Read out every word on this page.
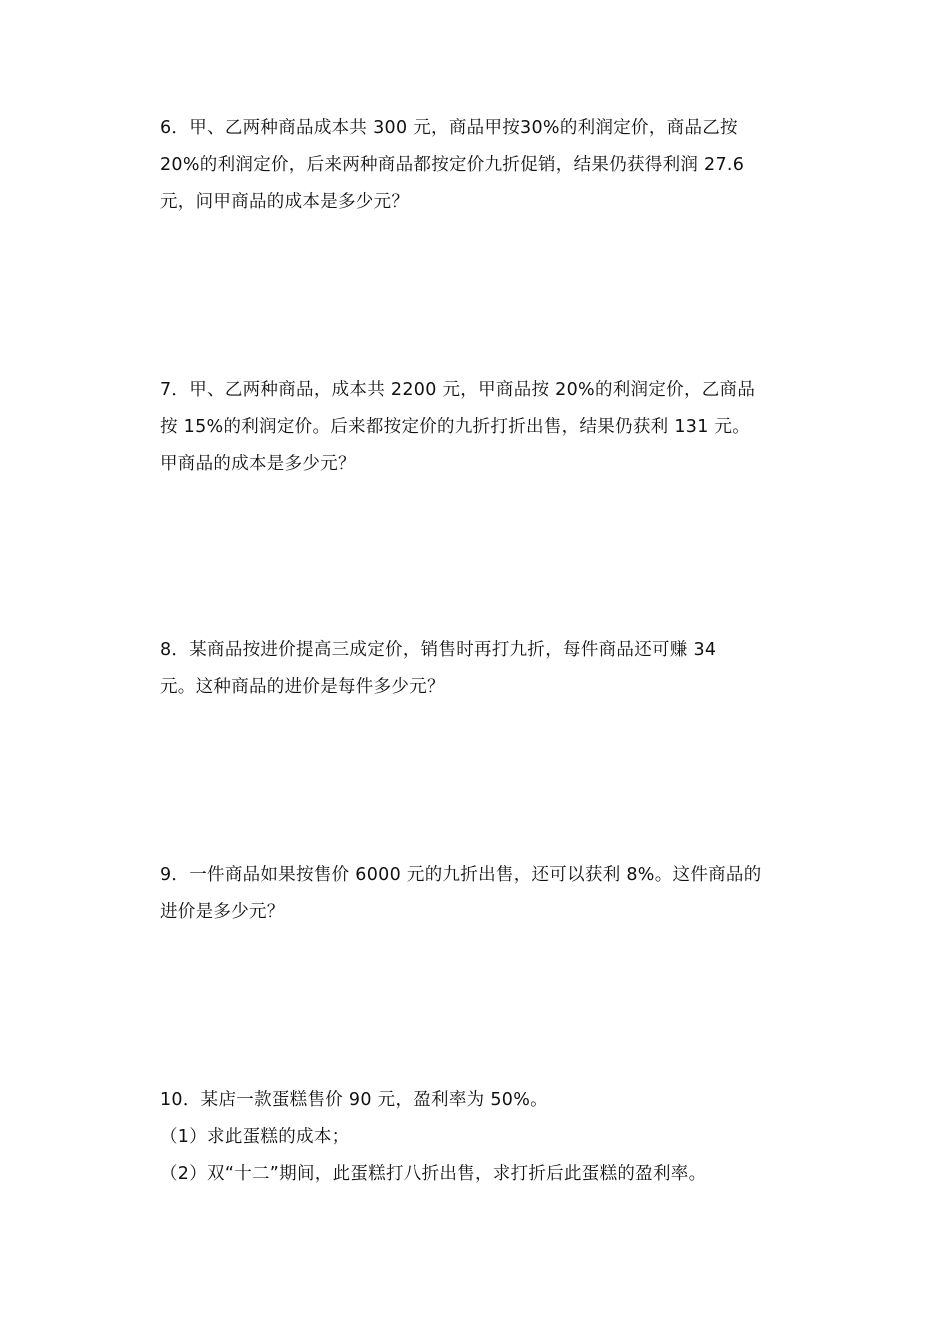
6．甲、乙两种商品成本共 300 元，商品甲按30%的利润定价，商品乙按
20%的利润定价，后来两种商品都按定价九折促销，结果仍获得利润 27.6
元，问甲商品的成本是多少元？
7．甲、乙两种商品，成本共 2200 元，甲商品按 20%的利润定价，乙商品
按 15%的利润定价。后来都按定价的九折打折出售，结果仍获利 131 元。
甲商品的成本是多少元？
8．某商品按进价提高三成定价，销售时再打九折，每件商品还可赚 34
元。这种商品的进价是每件多少元？
9．一件商品如果按售价 6000 元的九折出售，还可以获利 8%。这件商品的
进价是多少元？
10．某店一款蛋糕售价 90 元，盈利率为 50%。
（1）求此蛋糕的成本；
（2）双“十二”期间，此蛋糕打八折出售，求打折后此蛋糕的盈利率。
